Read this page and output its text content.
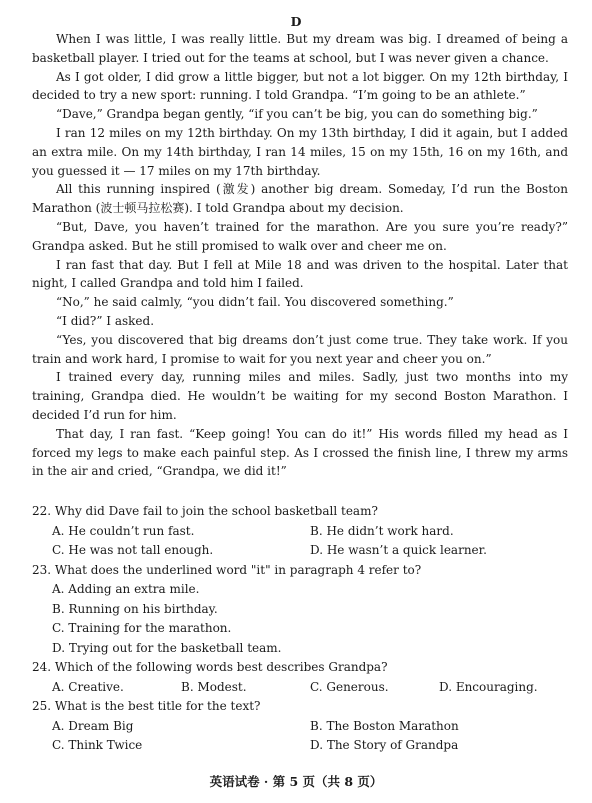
D

When I was little, I was really little. But my dream was big. I dreamed of being a basketball player. I tried out for the teams at school, but I was never given a chance.

As I got older, I did grow a little bigger, but not a lot bigger. On my 12th birthday, I decided to try a new sport: running. I told Grandpa. “I’m going to be an athlete.”

“Dave,” Grandpa began gently, “if you can’t be big, you can do something big.”

I ran 12 miles on my 12th birthday. On my 13th birthday, I did it again, but I added an extra mile. On my 14th birthday, I ran 14 miles, 15 on my 15th, 16 on my 16th, and you guessed it — 17 miles on my 17th birthday.

All this running inspired (激发) another big dream. Someday, I’d run the Boston Marathon (波士顿马拉松赛). I told Grandpa about my decision.

“But, Dave, you haven’t trained for the marathon. Are you sure you’re ready?” Grandpa asked. But he still promised to walk over and cheer me on.

I ran fast that day. But I fell at Mile 18 and was driven to the hospital. Later that night, I called Grandpa and told him I failed.

“No,” he said calmly, “you didn’t fail. You discovered something.”

“I did?” I asked.

“Yes, you discovered that big dreams don’t just come true. They take work. If you train and work hard, I promise to wait for you next year and cheer you on.”

I trained every day, running miles and miles. Sadly, just two months into my training, Grandpa died. He wouldn’t be waiting for my second Boston Marathon. I decided I’d run for him.

That day, I ran fast. “Keep going! You can do it!” His words filled my head as I forced my legs to make each painful step. As I crossed the finish line, I threw my arms in the air and cried, “Grandpa, we did it!”

22. Why did Dave fail to join the school basketball team?
A. He couldn’t run fast.	B. He didn’t work hard.
C. He was not tall enough.	D. He wasn’t a quick learner.
23. What does the underlined word "it" in paragraph 4 refer to?
A. Adding an extra mile.
B. Running on his birthday.
C. Training for the marathon.
D. Trying out for the basketball team.
24. Which of the following words best describes Grandpa?
A. Creative.	B. Modest.	C. Generous.	D. Encouraging.
25. What is the best title for the text?
A. Dream Big	B. The Boston Marathon
C. Think Twice	D. The Story of Grandpa
英语试卷 · 第 5 页（共 8 页）
